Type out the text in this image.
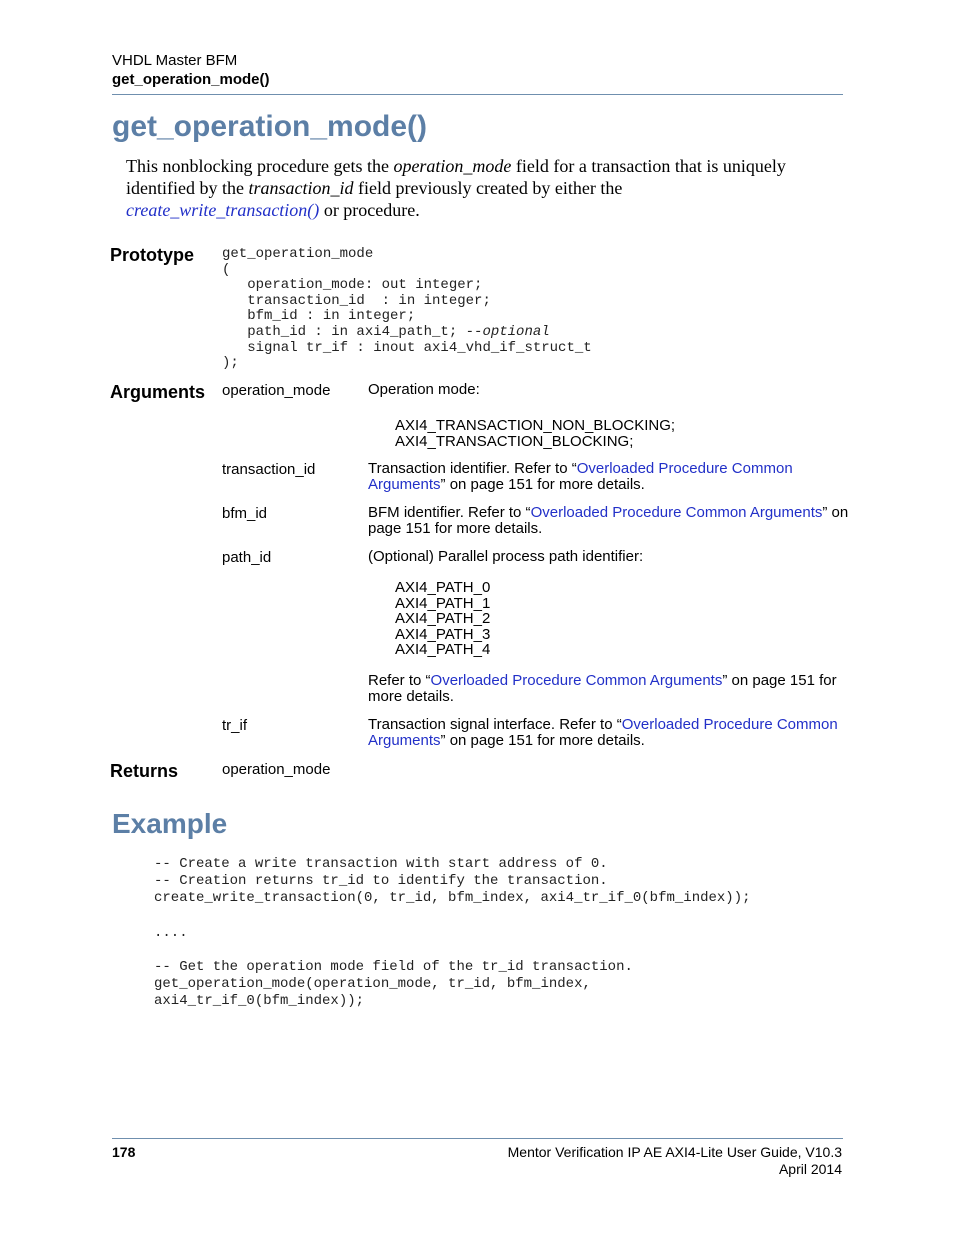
VHDL Master BFM
get_operation_mode()
get_operation_mode()
This nonblocking procedure gets the operation_mode field for a transaction that is uniquely identified by the transaction_id field previously created by either the
create_write_transaction() or procedure.
Prototype get_operation_mode
(
operation_mode: out integer;
transaction_id  : in integer;
bfm_id : in integer;
path_id : in axi4_path_t; --optional
signal tr_if : inout axi4_vhd_if_struct_t
);
Arguments operation_mode	Operation mode:
AXI4_TRANSACTION_NON_BLOCKING;
AXI4_TRANSACTION_BLOCKING;
transaction_id	Transaction identifier. Refer to “Overloaded Procedure Common Arguments” on page 151 for more details.
bfm_id	BFM identifier. Refer to “Overloaded Procedure Common Arguments” on page 151 for more details.
path_id	(Optional) Parallel process path identifier:
AXI4_PATH_0
AXI4_PATH_1
AXI4_PATH_2
AXI4_PATH_3
AXI4_PATH_4
Refer to “Overloaded Procedure Common Arguments” on page 151 for more details.
tr_if	Transaction signal interface. Refer to “Overloaded Procedure Common Arguments” on page 151 for more details.
Returns	operation_mode
Example
-- Create a write transaction with start address of 0.
-- Creation returns tr_id to identify the transaction.
create_write_transaction(0, tr_id, bfm_index, axi4_tr_if_0(bfm_index));
....
-- Get the operation mode field of the tr_id transaction.
get_operation_mode(operation_mode, tr_id, bfm_index,
axi4_tr_if_0(bfm_index));
178	Mentor Verification IP AE AXI4-Lite User Guide, V10.3
April 2014
